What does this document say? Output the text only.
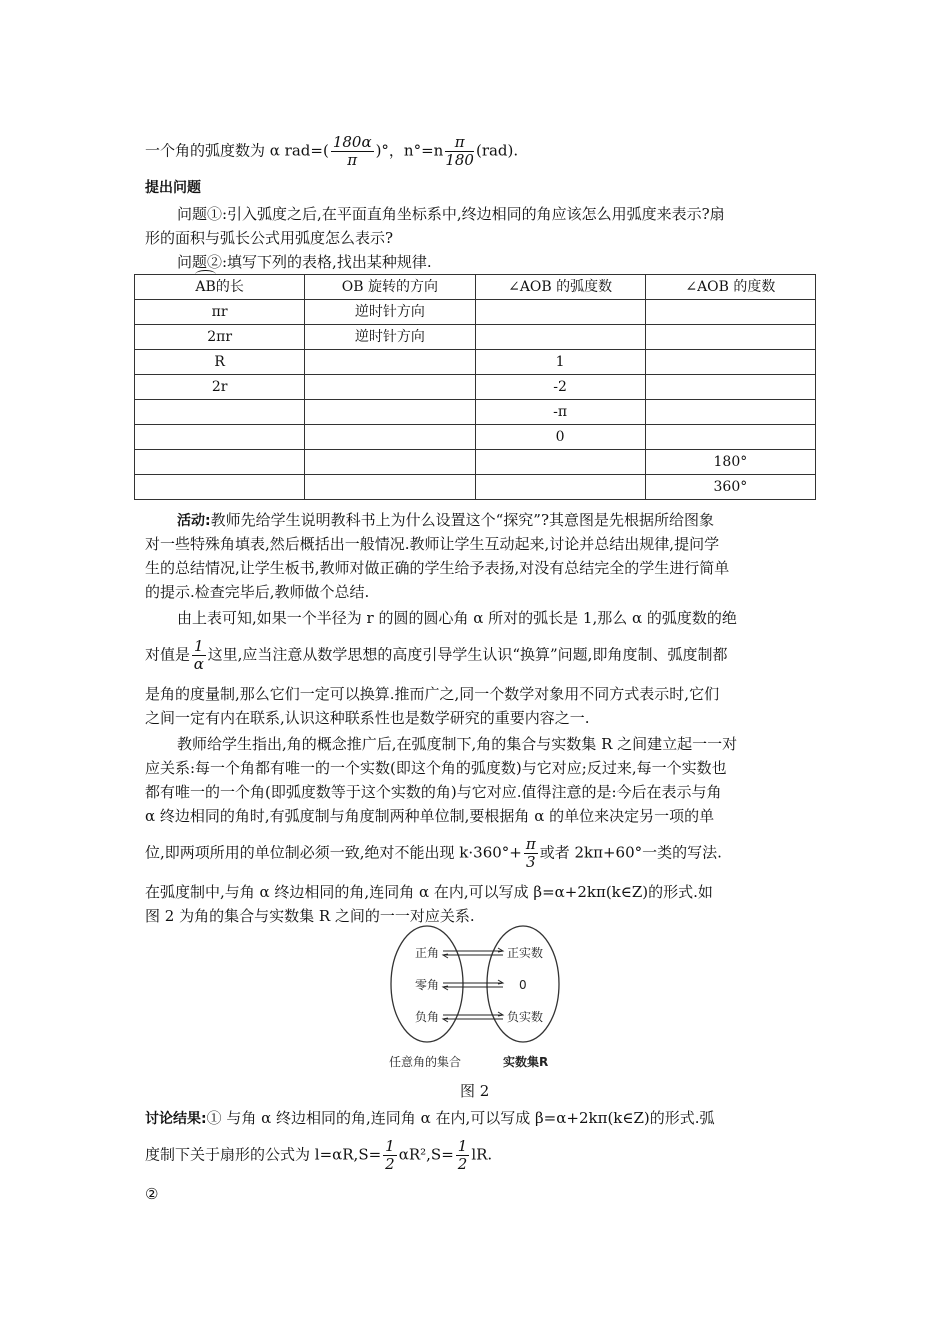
一个角的弧度数为 α $rad=( \frac{180\alpha}{\pi}$ )°，$n^\circ=n \frac{\pi}{180} (rad)$.
提出问题
问题①:引入弧度之后,在平面直角坐标系中,终边相同的角应该怎么用弧度来表示?扇
形的面积与弧长公式用弧度怎么表示?
问题②:填写下列的表格,找出某种规律.
AB的长	OB 旋转的方向	∠AOB 的弧度数	∠AOB 的度数
πr	逆时针方向		
2πr	逆时针方向		
R		1	
2r		-2	
		-π	
		0	
			180°
			360°
活动:教师先给学生说明教科书上为什么设置这个“探究”?其意图是先根据所给图象
对一些特殊角填表,然后概括出一般情况.教师让学生互动起来,讨论并总结出规律,提问学
生的总结情况,让学生板书,教师对做正确的学生给予表扬,对没有总结完全的学生进行简单
的提示.检查完毕后,教师做个总结.
由上表可知,如果一个半径为 r 的圆的圆心角 α 所对的弧长是 1,那么 α 的弧度数的绝
对值是 $\frac{1}{\alpha}$ 这里,应当注意从数学思想的高度引导学生认识“换算”问题,即角度制、弧度制都
是角的度量制,那么它们一定可以换算.推而广之,同一个数学对象用不同方式表示时,它们
之间一定有内在联系,认识这种联系性也是数学研究的重要内容之一.
教师给学生指出,角的概念推广后,在弧度制下,角的集合与实数集 R 之间建立起一一对
应关系:每一个角都有唯一的一个实数(即这个角的弧度数)与它对应;反过来,每一个实数也
都有唯一的一个角(即弧度数等于这个实数的角)与它对应.值得注意的是:今后在表示与角
α 终边相同的角时,有弧度制与角度制两种单位制,要根据角 α 的单位来决定另一项的单
位,即两项所用的单位制必须一致,绝对不能出现 $k\cdot 360^\circ+ \frac{\pi}{3}$ 或者 2kπ+60°一类的写法.
在弧度制中,与角 α 终边相同的角,连同角 α 在内,可以写成 β=α+2kπ(k∈Z)的形式.如
图 2 为角的集合与实数集 R 之间的一一对应关系.
正角
零角
负角
正实数
0
负实数
任意角的集合	实数集R
图 2
讨论结果:① 与角 α 终边相同的角,连同角 α 在内,可以写成 β=α+2kπ(k∈Z)的形式.弧
度制下关于扇形的公式为 $l=\alpha R,S= \frac{1}{2} \alpha R^2,S= \frac{1}{2}$ lR.
②
